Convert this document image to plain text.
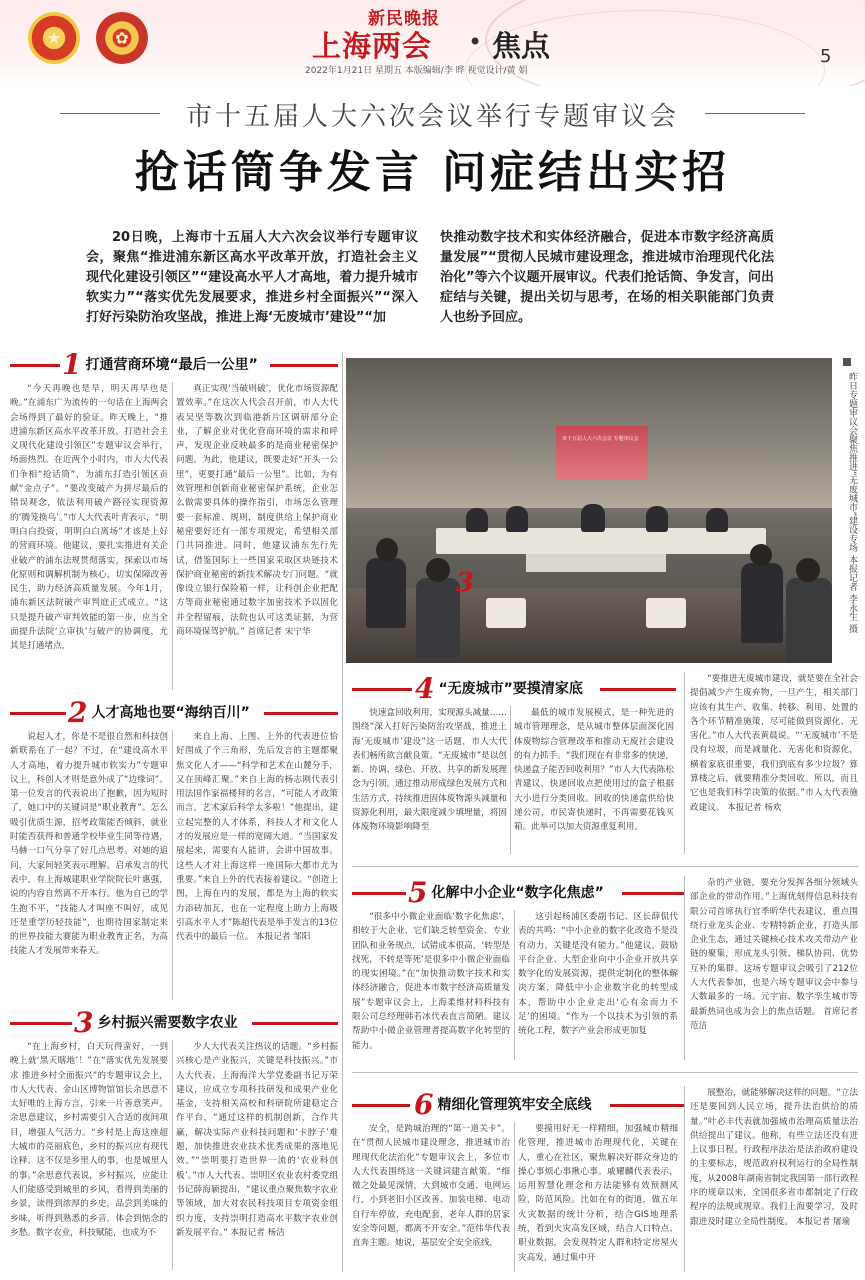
★	✿
新民晚报
上海两会 • 焦点	5
2022年1月21日 星期五 本版编辑/李 晔 视觉设计/黄 娟
市十五届人大六次会议举行专题审议会
抢话筒争发言 问症结出实招
20日晚，上海市十五届人大六次会议举行专题审议会，聚焦“推进浦东新区高水平改革开放，打造社会主义现代化建设引领区”“建设高水平人才高地，着力提升城市软实力”“落实优先发展要求，推进乡村全面振兴”“深入打好污染防治攻坚战，推进上海‘无废城市’建设”“加
快推动数字技术和实体经济融合，促进本市数字经济高质量发展”“贯彻人民城市建设理念，推进城市治理现代化法治化”等六个议题开展审议。代表们抢话筒、争发言，问出症结与关键，提出关切与思考，在场的相关职能部门负责人也纷予回应。
1 打通营商环境“最后一公里”

“今天再晚也是早，明天再早也是晚。”在浦东广为流传的一句话在上海两会会场得到了最好的验证。昨天晚上，“推进浦东新区高水平改革开放，打造社会主义现代化建设引领区”专题审议会举行，场面热烈。在近两个小时内，市人大代表们争相“抢话筒”，为浦东打造引领区贡献“金点子”。“要改变破产为拼尽最后的错误观念，依法利用破产路径实现资源的‘腾笼换鸟’。”市人大代表叶青表示，“明明白白投资，明明白白离场”才该是上好的营商环境。他建议，要扎实推进有关企业破产的浦东法规贯彻落实，探索以市场化原则和调解机制为核心，切实保障改善民生，助力经济高质量发展。今年1月，浦东新区法院破产审判庭正式成立。“这只是提升破产审判效能的第一步，应当全面提升法院‘立审执’与破产的协调度，尤其是打通堵点，

真正实现‘当破则破’，优化市场资源配置效率。”在这次人代会召开前，市人大代表吴坚等数次到临港新片区调研部分企业，了解企业对优化营商环境的需求和呼声，发现企业反映最多的是商业秘密保护问题。为此，他建议，既要走好“开头一公里”，更要打通“最后一公里”。比如，为有效管理和创新商业秘密保护系统，企业怎么做需要具体的操作指引，市场怎么管理要一套标准、规则，制度供给上保护商业秘密要好还有一部专项规定，希望相关部门共同推进。同时，他建议浦东先行先试，借鉴国际上一些国家采取区块链技术保护商业秘密的新技术解决专门问题。“就像设立银行保险箱一样，让科创企业把配方等商业秘密通过数字加密技术予以固化并全程留痕，法院也认可这类证据，为营商环境保驾护航。” 首席记者 宋宁华

2 人才高地也要“海纳百川”

说起人才，你是不是很自然和科技创新联系在了一起？不过，在“建设高水平人才高地，着力提升城市软实力”专题审议上，科创人才则是意外成了“边缘词”。第一位发言的代表说出了抱歉，因为短时了，她口中的关键词是“职业教育”。怎么吸引优质生源，招考政策能否倾斜，就业时能否获得和普通学校毕业生同等待遇，马赫一口气分享了好几点思考。对她的追问，大家间轻笑表示理解。启承发言的代表中，有上海城建职业学院院长叶惠强，说的内容自然离不开本行。他为自己的学生抱不平，“技能人才叫座不叫好，成见还是重学历轻技能”，也期待国家制定来的世界技能大赛能为职业教育正名，为高技能人才发展带来春天。

来自上海、上图、上外的代表进位恰好围成了个三角形，先后发言的主题都聚焦文化人才——“科学和艺术在山麓分手，又在顶峰汇聚。”来自上海的杨志刚代表引用法国作家福楼拜的名言，“可能人才政策而言，艺术家后科学太多啦！”他提出，建立起完整的人才体系，科技人才和文化人才的发展应是一样的宽阔大道。“当国家发展起来，需要有人能讲，会讲中国故事。这些人才对上海这样一座国际大都市尤为重要。”来自上外的代表接着建议。“创造上图，上海在内的发展，都是为上海的软实力添砖加瓦，也在一定程度上助力上海吸引高水平人才”陈超代表是举手发言的13位代表中的最后一位。 本报记者 邹阳

3 乡村振兴需要数字农业

“在上海乡村，白天玩得蛮好，一到晚上就‘黑天瞎地’！”在“落实优先发展要求 推进乡村全面振兴”的专题审议会上，市人大代表、金山区博物馆馆长余思意不太好唯的上海方言，引来一片善意笑声。余思意建议，乡村需要引入合适的夜间项目，增强人气活力。“乡村是上海这座超大城市的亮丽底色，乡村的振兴应有现代诠释，这不仅是乡里人的事，也是城里人的事。”余思意代表说，乡村振兴，应能让人们能感受到城里的乡风，看得到美丽的乡景，读得到浓厚的乡史，品尝到美味的乡味，听得到熟悉的乡音，体会到惦念的乡愁。数字农业，科技赋能，也成为不

少人大代表关注热议的话题。“乡村振兴核心是产业振兴，关键是科技振兴。”市人大代表、上海海洋大学党委副书记万荣建议，应成立专项科技研发和成果产业化基金，支持相关高校和科研院所建稳定合作平台，“通过这样的机制创新，合作共赢，解决实际产业科技问题和‘卡脖子’难题，加快推进农业技术优秀成果的落地见效。”“崇明要打造世界一流的‘农业科创板’。”市人大代表、崇明区农业农村委党组书记薛海颖提出，“建议重点聚焦数字农业等领域，加大对农民科技项目专项资金组织力度，支持崇明打造高水平数字农业创新发展平台。” 本报记者 杨洁

市十五届人大六次会议 专题审议会
3	昨日专题审议会聚焦推进“无废城市”建设专场 本报记者 李永生 摄
4 “无废城市”要摸清家底

快速盒回收利用，实现源头减量……围绕“深入打好污染防治攻坚战，推进上海‘无废城市’建设”这一话题，市人大代表们畅所欲言献良策。“无废城市”是以创新、协调、绿色、开放、共享的新发展理念为引领，通过推动形成绿色发展方式和生活方式，持续推进固体废物源头减量和资源化利用，最大限度减少填埋量，将固体废物环境影响降至

最低的城市发展模式，是一种先进的城市管理理念，是从城市整体层面深化固体废物综合管理改革和推动无废社会建设的有力抓手。“我们现在有非常多的快递，快递盒子能否回收利用？”市人大代表陈松青建议，快递回收点把使用过的盒子根据大小进行分类回收。回收的快递盒供给快递公司，市民寄快递时，不再需要花钱买箱。此举可以加大资源重复利用。

“要推进无废城市建设，就是要在全社会提倡减少产生废弃物，一旦产生，相关部门应该有其生产、收集、转移、利用、处置的各个环节精准施策，尽可能做到资源化、无害化。”市人大代表黄晨说。“‘无废城市’不是没有垃圾，而是减量化、无害化和资源化，横着家底很重要，我们到底有多少垃圾？算算楼之后，就要精准分类回收。所以，而且它也是我们科学决策的依据。”市人大代表施政建议。 本报记者 杨欢

5 化解中小企业“数字化焦虑”

“很多中小微企业面临‘数字化焦虑’，相较于大企业，它们缺乏转型资金、专业团队和业务规点，试错成本很高，‘转型是找死，不转是等死’是很多中小微企业面临的现实困境。”在“加快推动数字技术和实体经济融合，促进本市数字经济高质量发展”专题审议会上，上海柔维材料科技有限公司总经理韩若冰代表直言简陋。建议帮助中小微企业管理者提高数字化转型的能力。

这引起杨浦区委副书记、区长薛侃代表的共鸣：“中小企业的数字化改造不是没有动力，关键是没有能力。”他建议，鼓励平台企业、大型企业向中小企业开放共享数字化的发展资源，提供定制化的整体解决方案，降低中小企业数字化的转型成本，帮助中小企业走出‘心有余而力不足’的困境。“作为一个以技术为引领的系统化工程，数字产业会形成更加复

杂的产业链，要充分发挥各细分领域头部企业的带动作用。”上海优刻得信息科技有限公司首席执行官季昕华代表建议，重点围绕行业龙头企业、专精特新企业，打造头部企业生态，通过关键核心技术攻关带动产业链的聚集，形成龙头引领、梯队协同、优势互补的集群。这场专题审议会吸引了212位人大代表参加，也是六场专题审议会中参与人数最多的一场。元宇宙、数字孪生城市等最新热词也成为会上的焦点话题。 首席记者 范洁

6 精细化管理筑牢安全底线

安全，是跨城治理的“第一道关卡”。在“贯彻人民城市建设理念，推进城市治理现代化法治化”专题审议会上，多位市人大代表围绕这一关键词建言献策。“细微之处最见深情，大到城市交通、电网运行，小到老旧小区改善、加装电梯、电动自行车停放，充电配套，老年人群的居家安全等问题，都离不开安全。”范伟华代表直奔主题。她说，基层安全安全底线，

要摸用好无一样精细，加强城市精细化管理，推进城市治理现代化，关键在人，重心在社区，聚焦解决好群众身边的操心事烦心事揪心事。戚耀麟代表表示，运用智慧化理念和方法能够有效预测风险，防范风险。比如在有的街道，做五年火灾数据的统计分析，结合GIS地理系统，看到火灾高发区域，结合人口特点、职业数据，会发现特定人群和特定房屋火灾高发，通过集中开

展整治，就能够解决这样的问题。“立法还是要回到人民立场，提升法治供给的质量。”叶必丰代表就加强城市治理高质量法治供给提出了建议。他称，有些立法还没有进上议事日程。行政程序法治是法治政府建设的主要标志，规范政府权利运行的全局性制度，从2008年湖南省制定我国第一部行政程序的规章以来，全国很多省市都制定了行政程序的法规或规章。我们上海要学习，及时跟进及时建立全局性制度。 本报记者 屠瑜
